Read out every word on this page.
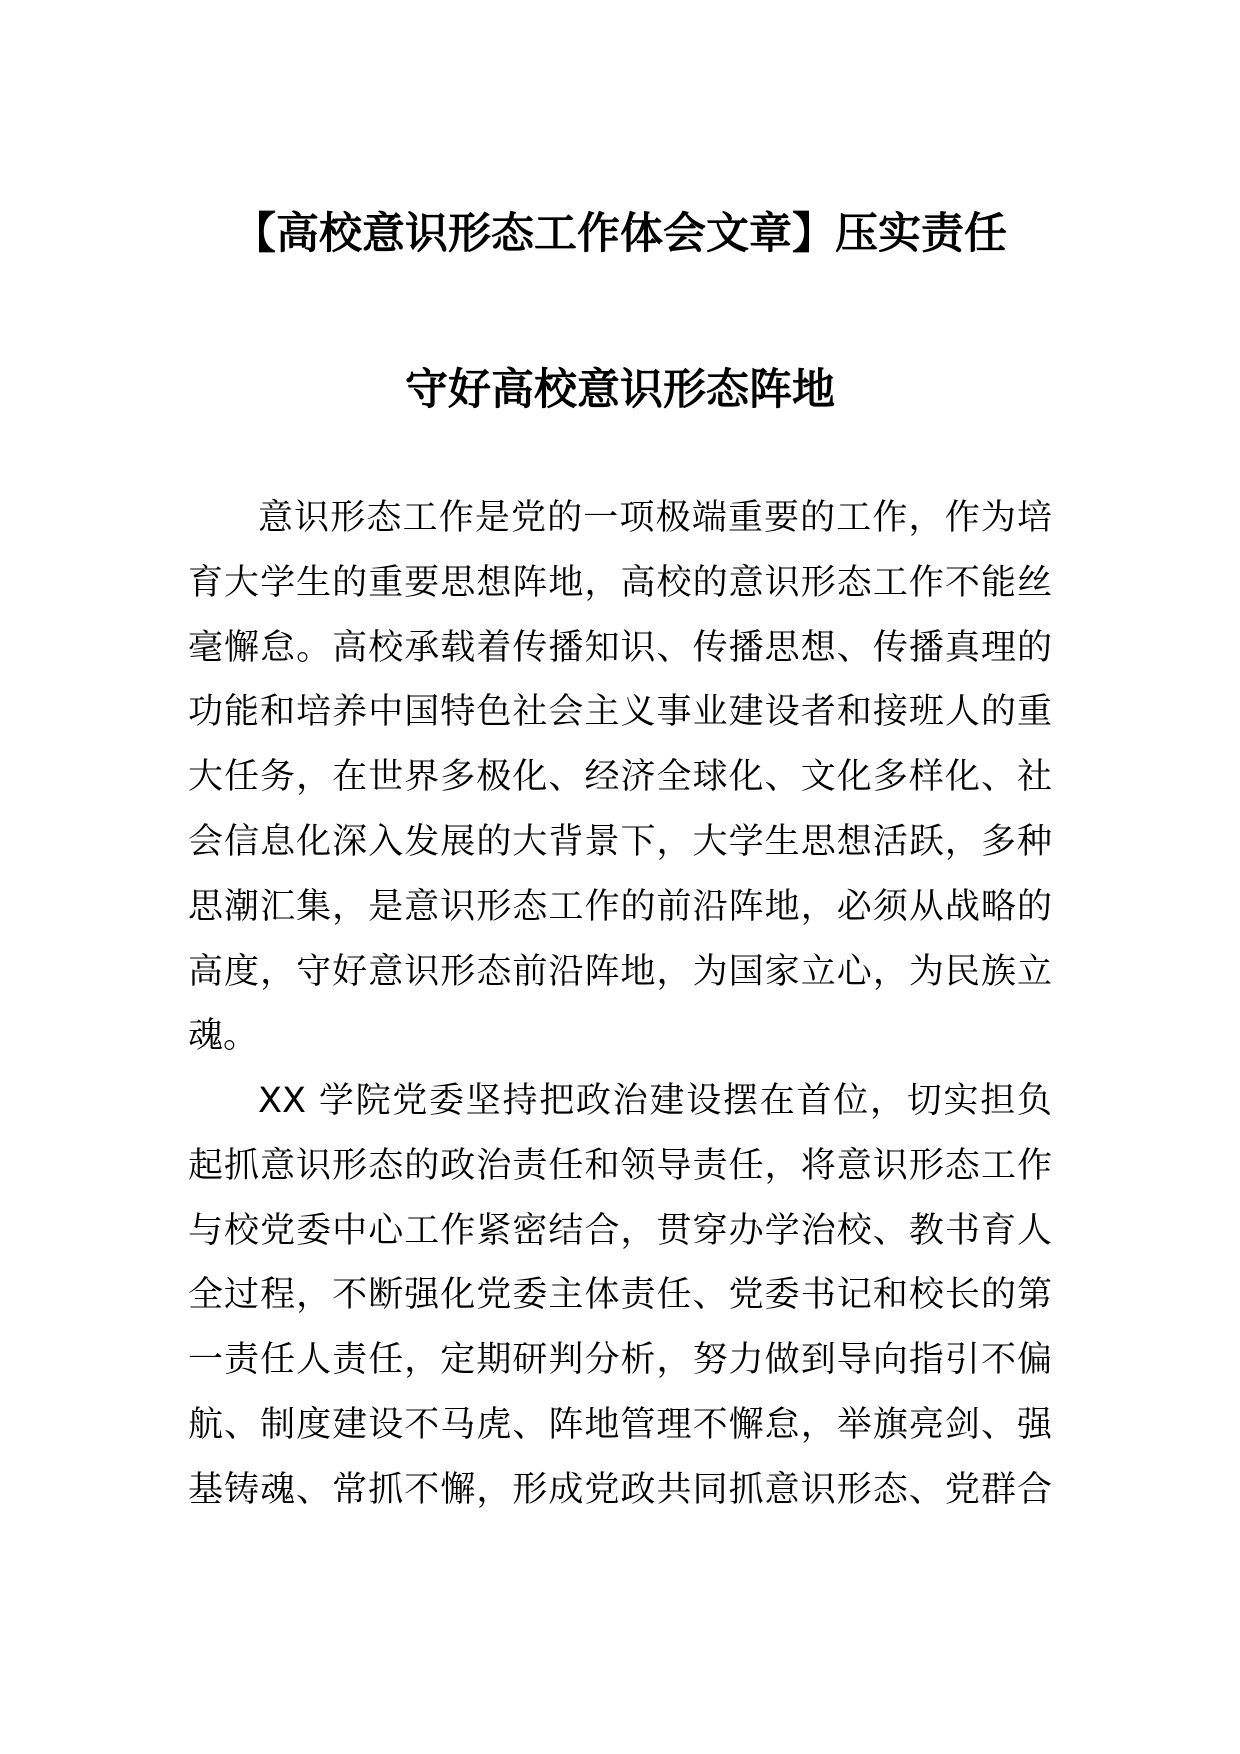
【高校意识形态工作体会文章】压实责任
守好高校意识形态阵地
意识形态工作是党的一项极端重要的工作，作为培
育大学生的重要思想阵地，高校的意识形态工作不能丝
毫懈怠。高校承载着传播知识、传播思想、传播真理的
功能和培养中国特色社会主义事业建设者和接班人的重
大任务，在世界多极化、经济全球化、文化多样化、社
会信息化深入发展的大背景下，大学生思想活跃，多种
思潮汇集，是意识形态工作的前沿阵地，必须从战略的
高度，守好意识形态前沿阵地，为国家立心，为民族立
魂。
XX 学院党委坚持把政治建设摆在首位，切实担负
起抓意识形态的政治责任和领导责任，将意识形态工作
与校党委中心工作紧密结合，贯穿办学治校、教书育人
全过程，不断强化党委主体责任、党委书记和校长的第
一责任人责任，定期研判分析，努力做到导向指引不偏
航、制度建设不马虎、阵地管理不懈怠，举旗亮剑、强
基铸魂、常抓不懈，形成党政共同抓意识形态、党群合
